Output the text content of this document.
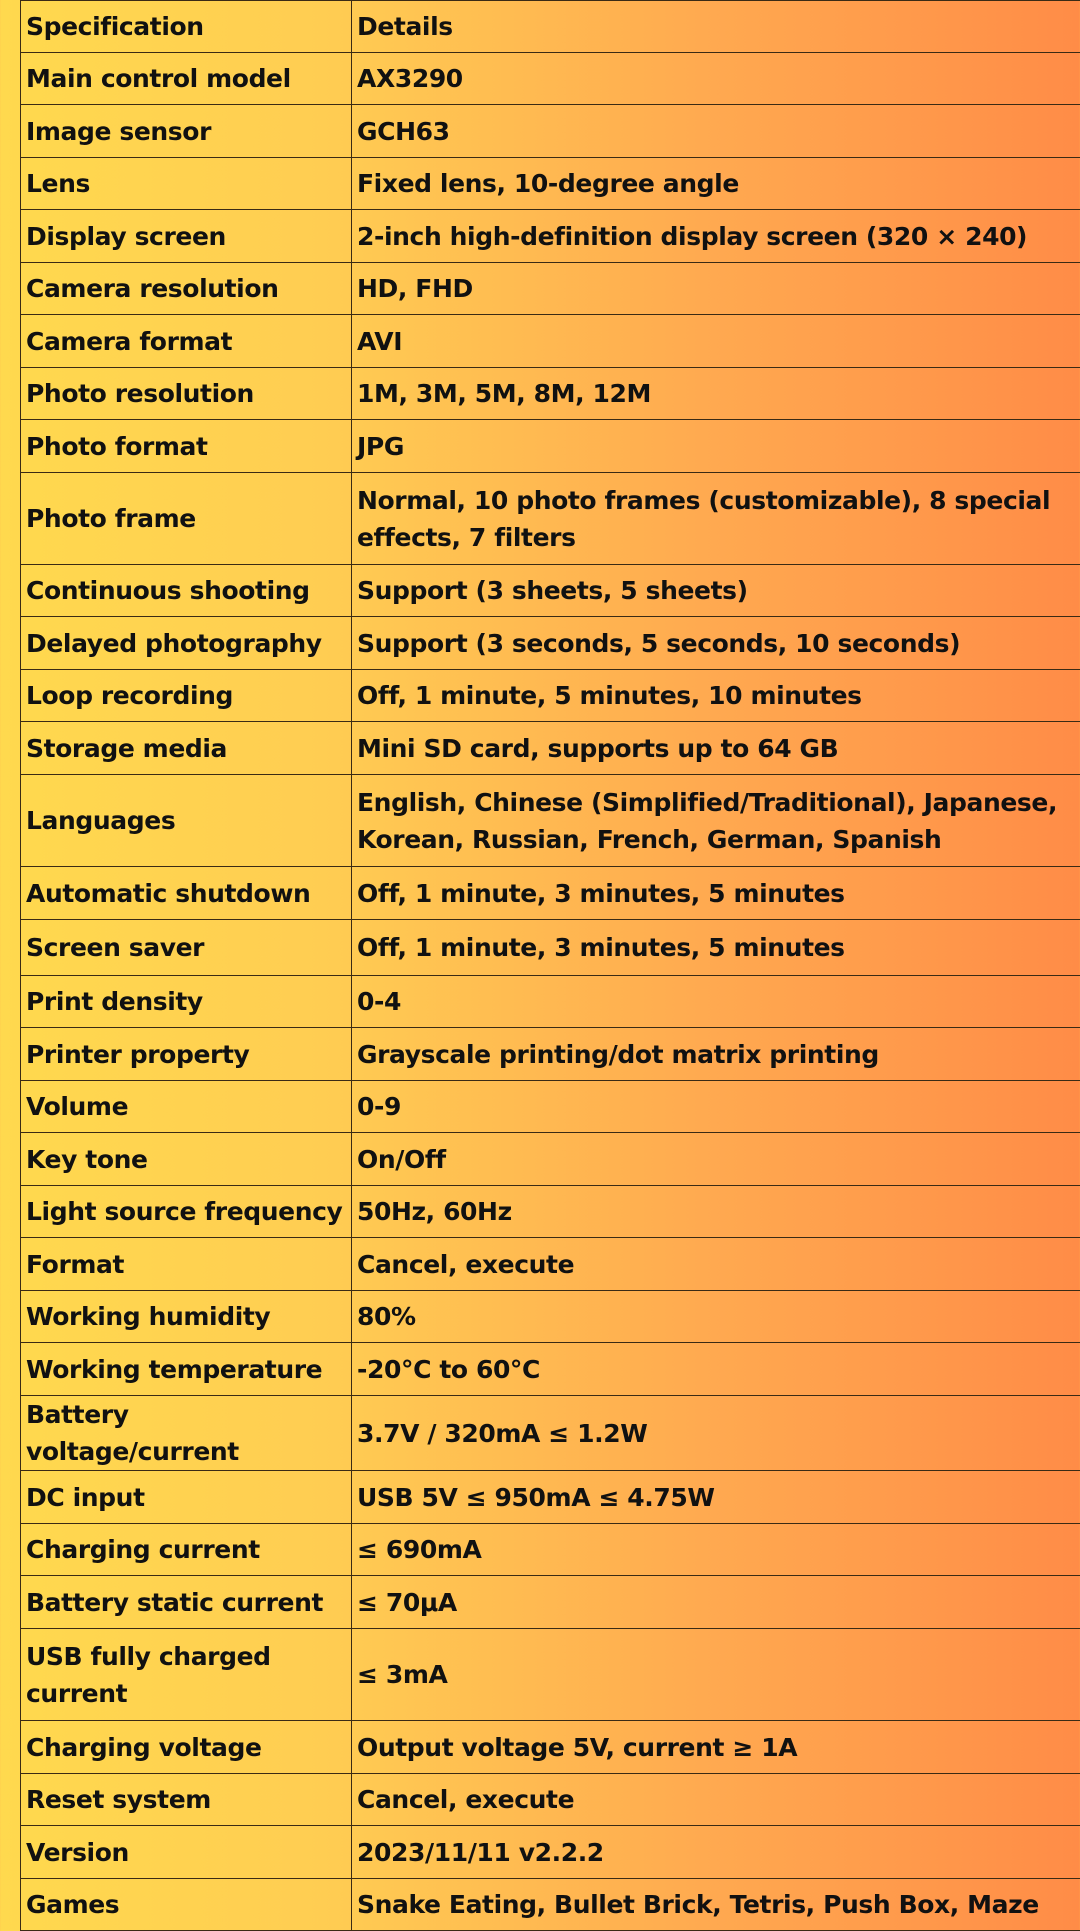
Specification	Details
Main control model	AX3290
Image sensor	GCH63
Lens	Fixed lens, 10-degree angle
Display screen	2-inch high-definition display screen (320 × 240)
Camera resolution	HD, FHD
Camera format	AVI
Photo resolution	1M, 3M, 5M, 8M, 12M
Photo format	JPG
Photo frame	Normal, 10 photo frames (customizable), 8 special effects, 7 filters
Continuous shooting	Support (3 sheets, 5 sheets)
Delayed photography	Support (3 seconds, 5 seconds, 10 seconds)
Loop recording	Off, 1 minute, 5 minutes, 10 minutes
Storage media	Mini SD card, supports up to 64 GB
Languages	English, Chinese (Simplified/Traditional), Japanese, Korean, Russian, French, German, Spanish
Automatic shutdown	Off, 1 minute, 3 minutes, 5 minutes
Screen saver	Off, 1 minute, 3 minutes, 5 minutes
Print density	0-4
Printer property	Grayscale printing/dot matrix printing
Volume	0-9
Key tone	On/Off
Light source frequency	50Hz, 60Hz
Format	Cancel, execute
Working humidity	80%
Working temperature	-20°C to 60°C
Battery voltage/current	3.7V / 320mA ≤ 1.2W
DC input	USB 5V ≤ 950mA ≤ 4.75W
Charging current	≤ 690mA
Battery static current	≤ 70μA
USB fully charged current	≤ 3mA
Charging voltage	Output voltage 5V, current ≥ 1A
Reset system	Cancel, execute
Version	2023/11/11 v2.2.2
Games	Snake Eating, Bullet Brick, Tetris, Push Box, Maze
